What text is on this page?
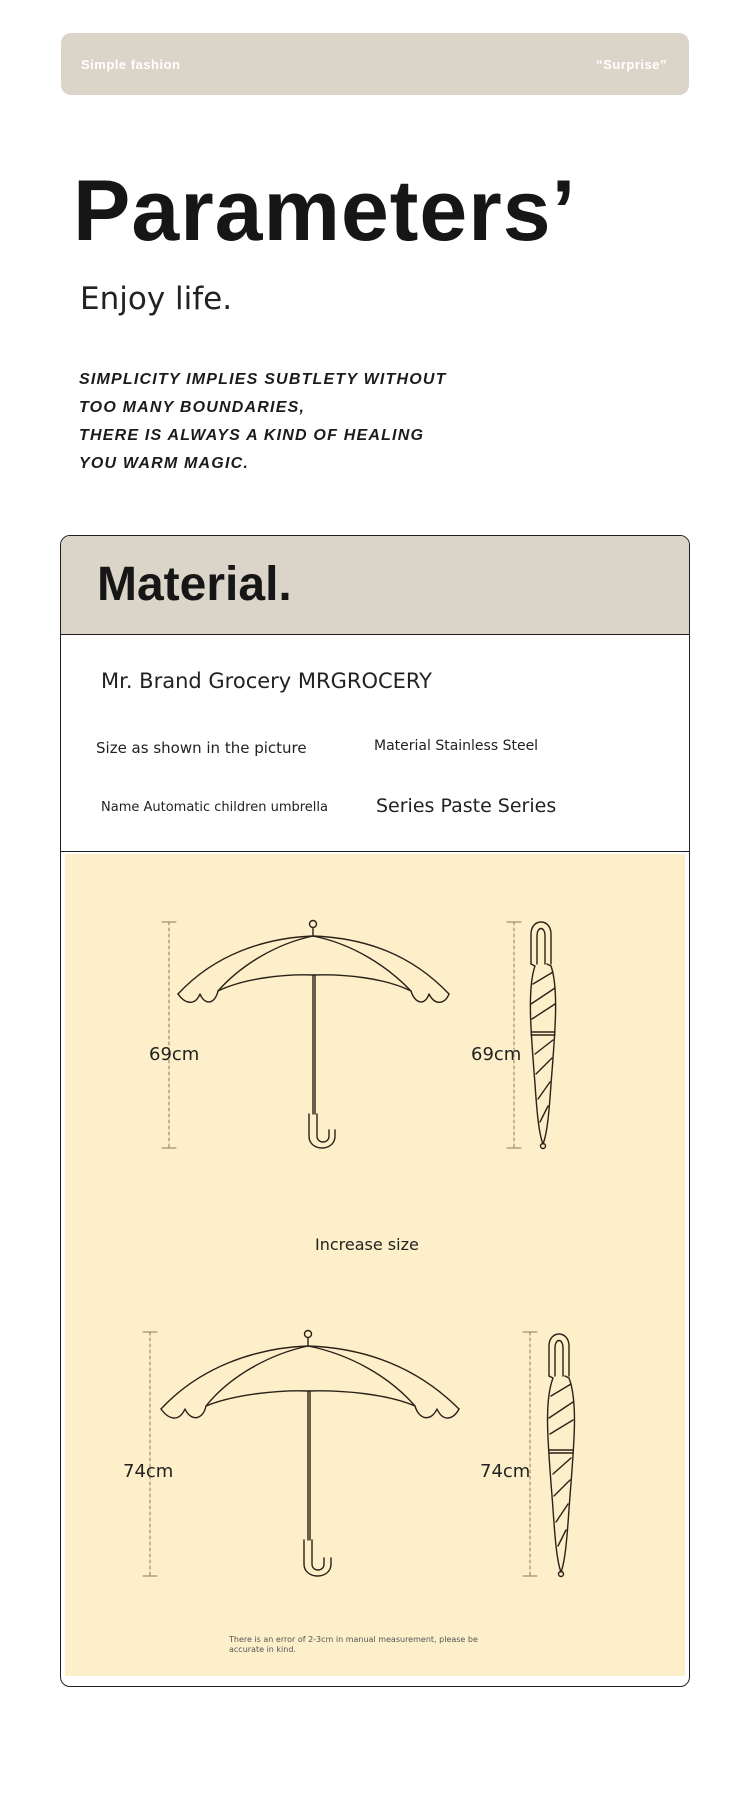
Simple fashion	“Surprise”
Parameters’
Enjoy life.
SIMPLICITY IMPLIES SUBTLETY WITHOUT
TOO MANY BOUNDARIES,
THERE IS ALWAYS A KIND OF HEALING
YOU WARM MAGIC.
Material.
Mr. Brand Grocery MRGROCERY
Size as shown in the picture	Material Stainless Steel
Name Automatic children umbrella	Series Paste Series
69cm	69cm
Increase size
74cm	74cm
There is an error of 2-3cm in manual measurement, please be accurate in kind.
